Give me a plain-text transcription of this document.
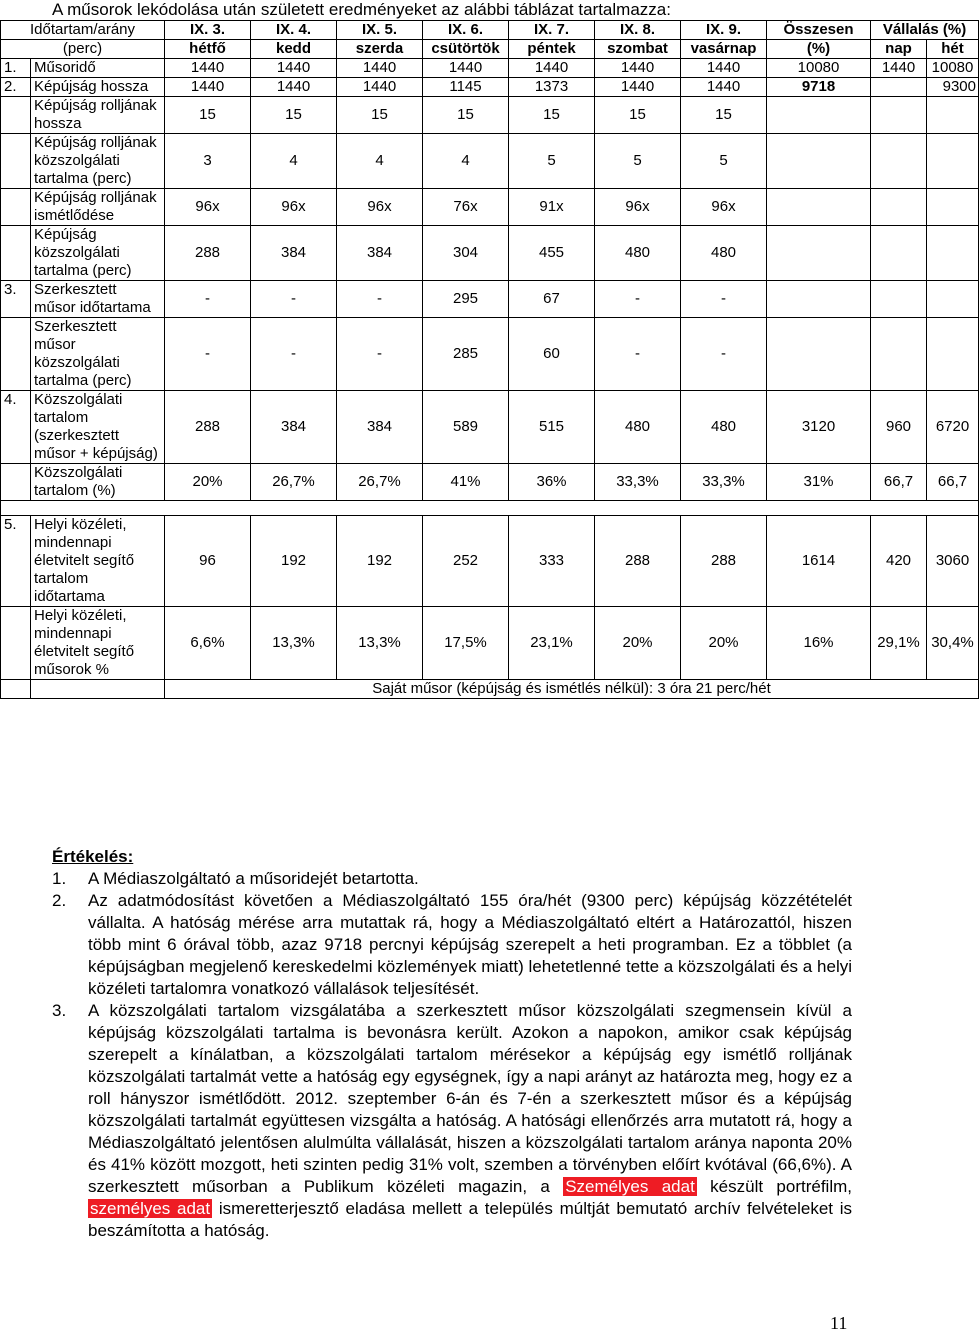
A műsorok lekódolása után született eredményeket az alábbi táblázat tartalmazza:
Időtartam/arány		IX. 3.	IX. 4.	IX. 5.	IX. 6.	IX. 7.	IX. 8.	IX. 9.	Összesen	Vállalás (%)	
(perc)		hétfő	kedd	szerda	csütörtök	péntek	szombat	vasárnap	(%)	nap	hét
1.	Műsoridő	1440	1440	1440	1440	1440	1440	1440	10080	1440	10080
2.	Képújság hossza	1440	1440	1440	1145	1373	1440	1440	9718		9300
	Képújság rolljának hossza	15	15	15	15	15	15	15			
	Képújság rolljának közszolgálati tartalma (perc)	3	4	4	4	5	5	5			
	Képújság rolljának ismétlődése	96x	96x	96x	76x	91x	96x	96x			
	Képújság közszolgálati tartalma (perc)	288	384	384	304	455	480	480			
3.	Szerkesztett műsor időtartama	-	-	-	295	67	-	-			
	Szerkesztett műsor közszolgálati tartalma (perc)	-	-	-	285	60	-	-			
4.	Közszolgálati tartalom (szerkesztett műsor + képújság)	288	384	384	589	515	480	480	3120	960	6720
	Közszolgálati tartalom (%)	20%	26,7%	26,7%	41%	36%	33,3%	33,3%	31%	66,7	66,7

5.	Helyi közéleti, mindennapi életvitelt segítő tartalom időtartama	96	192	192	252	333	288	288	1614	420	3060
	Helyi közéleti, mindennapi életvitelt segítő műsorok %	6,6%	13,3%	13,3%	17,5%	23,1%	20%	20%	16%	29,1%	30,4%
		Saját műsor (képújság és ismétlés nélkül): 3 óra 21 perc/hét									
Értékelés:
1. A Médiaszolgáltató a műsoridejét betartotta.
2. Az adatmódosítást követően a Médiaszolgáltató 155 óra/hét (9300 perc) képújság közzétételét vállalta. A hatóság mérése arra mutattak rá, hogy a Médiaszolgáltató eltért a Határozattól, hiszen több mint 6 órával több, azaz 9718 percnyi képújság szerepelt a heti programban. Ez a többlet (a képújságban megjelenő kereskedelmi közlemények miatt) lehetetlenné tette a közszolgálati és a helyi közéleti tartalomra vonatkozó vállalások teljesítését.
3. A közszolgálati tartalom vizsgálatába a szerkesztett műsor közszolgálati szegmensein kívül a képújság közszolgálati tartalma is bevonásra került. Azokon a napokon, amikor csak képújság szerepelt a kínálatban, a közszolgálati tartalom mérésekor a képújság egy ismétlő rolljának közszolgálati tartalmát vette a hatóság egy egységnek, így a napi arányt az határozta meg, hogy ez a roll hányszor ismétlődött. 2012. szeptember 6-án és 7-én a szerkesztett műsor és a képújság közszolgálati tartalmát együttesen vizsgálta a hatóság. A hatósági ellenőrzés arra mutatott rá, hogy a Médiaszolgáltató jelentősen alulmúlta vállalását, hiszen a közszolgálati tartalom aránya naponta 20% és 41% között mozgott, heti szinten pedig 31% volt, szemben a törvényben előírt kvótával (66,6%). A szerkesztett műsorban a Publikum közéleti magazin, a Személyes adat készült portréfilm, személyes adat ismeretterjesztő eladása mellett a település múltját bemutató archív felvételeket is beszámította a hatóság.
11
